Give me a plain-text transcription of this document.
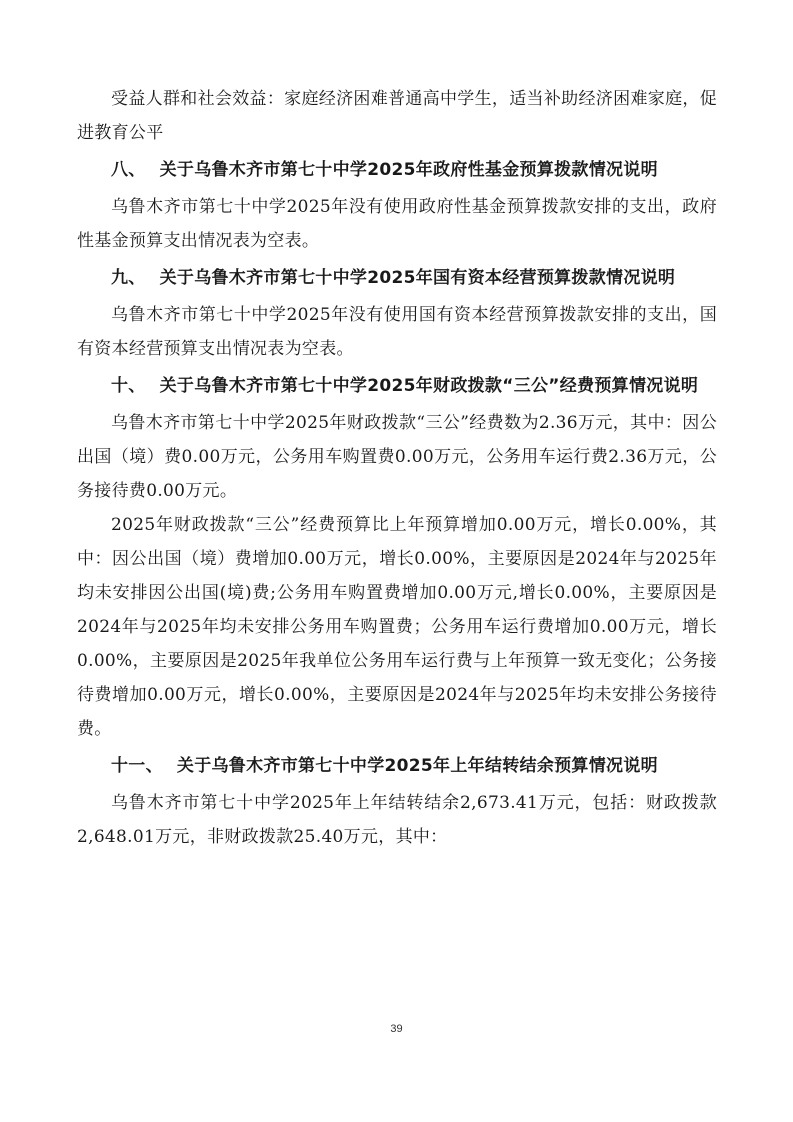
受益人群和社会效益：家庭经济困难普通高中学生，适当补助经济困难家庭，促进教育公平

八、 关于乌鲁木齐市第七十中学2025年政府性基金预算拨款情况说明

乌鲁木齐市第七十中学2025年没有使用政府性基金预算拨款安排的支出，政府性基金预算支出情况表为空表。

九、 关于乌鲁木齐市第七十中学2025年国有资本经营预算拨款情况说明

乌鲁木齐市第七十中学2025年没有使用国有资本经营预算拨款安排的支出，国有资本经营预算支出情况表为空表。

十、 关于乌鲁木齐市第七十中学2025年财政拨款“三公”经费预算情况说明

乌鲁木齐市第七十中学2025年财政拨款“三公”经费数为2.36万元，其中：因公出国（境）费0.00万元，公务用车购置费0.00万元，公务用车运行费2.36万元，公务接待费0.00万元。

2025年财政拨款“三公”经费预算比上年预算增加0.00万元，增长0.00%，其中：因公出国（境）费增加0.00万元，增长0.00%，主要原因是2024年与2025年均未安排因公出国(境)费;公务用车购置费增加0.00万元,增长0.00%，主要原因是2024年与2025年均未安排公务用车购置费；公务用车运行费增加0.00万元，增长0.00%，主要原因是2025年我单位公务用车运行费与上年预算一致无变化；公务接待费增加0.00万元，增长0.00%，主要原因是2024年与2025年均未安排公务接待费。

十一、 关于乌鲁木齐市第七十中学2025年上年结转结余预算情况说明

乌鲁木齐市第七十中学2025年上年结转结余2,673.41万元，包括：财政拨款2,648.01万元，非财政拨款25.40万元，其中：

39
